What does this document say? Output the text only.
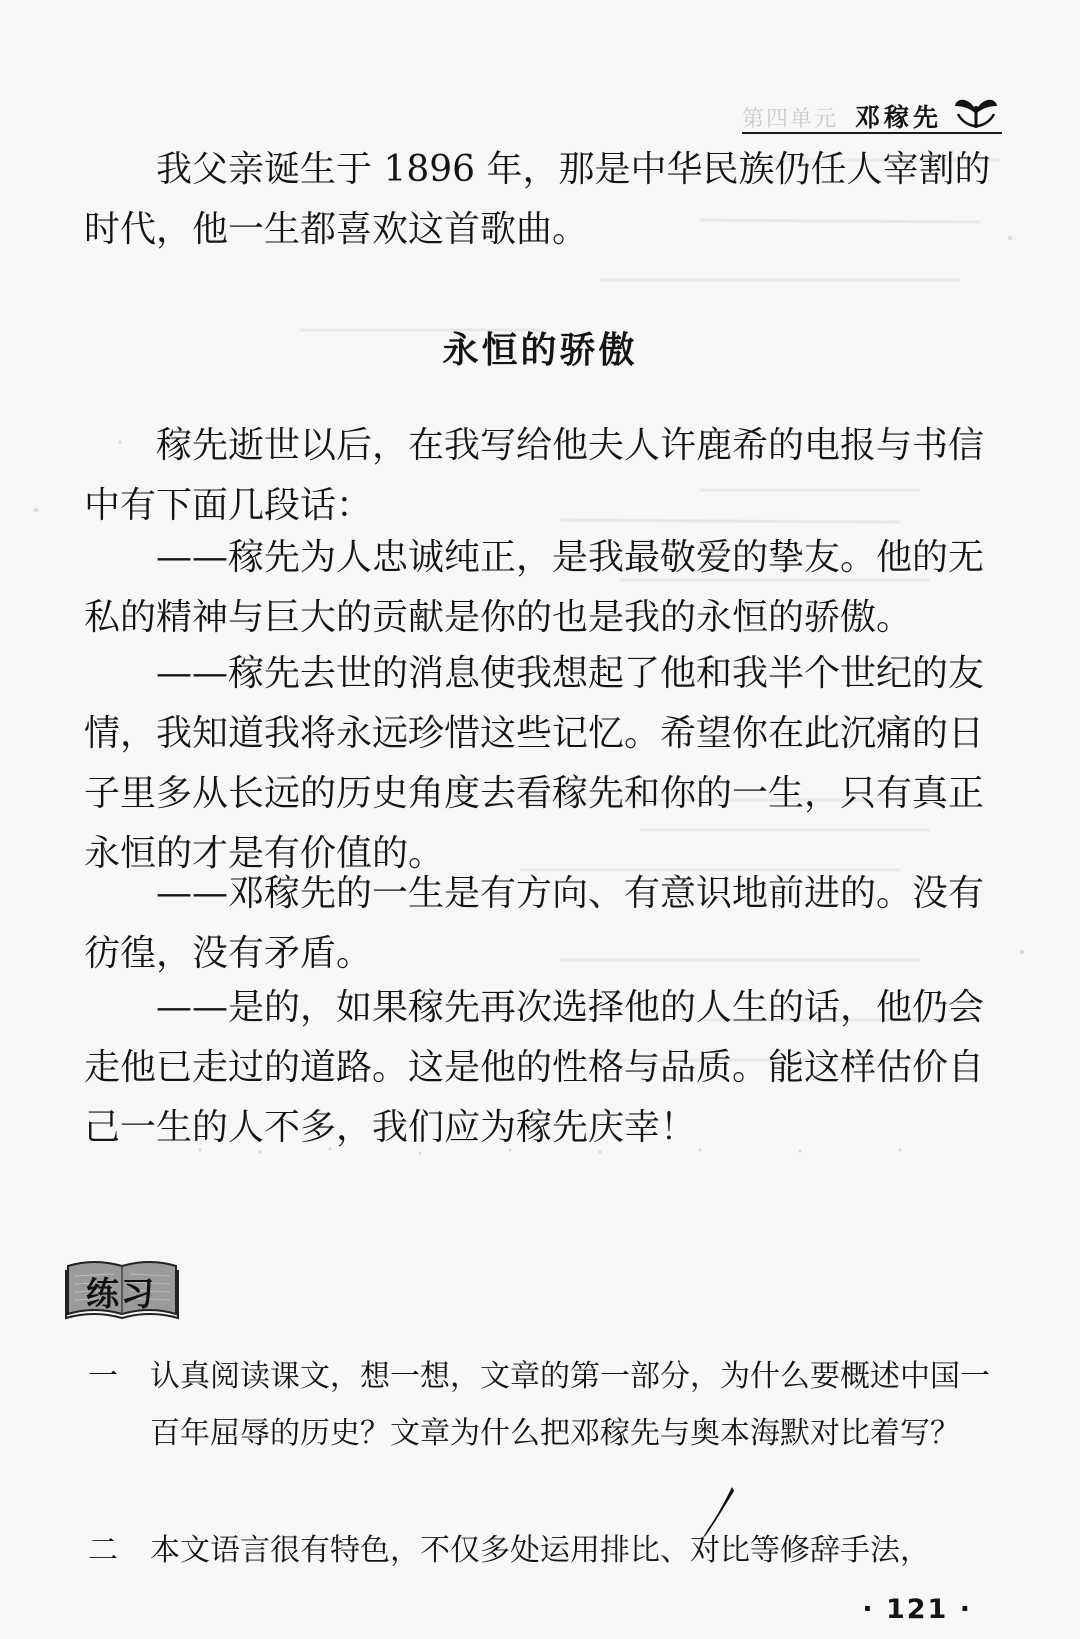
第四单元 邓稼先

我父亲诞生于 1896 年，那是中华民族仍任人宰割的时代，他一生都喜欢这首歌曲。

永恒的骄傲

稼先逝世以后，在我写给他夫人许鹿希的电报与书信中有下面几段话：

——稼先为人忠诚纯正，是我最敬爱的挚友。他的无私的精神与巨大的贡献是你的也是我的永恒的骄傲。

——稼先去世的消息使我想起了他和我半个世纪的友情，我知道我将永远珍惜这些记忆。希望你在此沉痛的日子里多从长远的历史角度去看稼先和你的一生，只有真正永恒的才是有价值的。

——邓稼先的一生是有方向、有意识地前进的。没有彷徨，没有矛盾。

——是的，如果稼先再次选择他的人生的话，他仍会走他已走过的道路。这是他的性格与品质。能这样估价自己一生的人不多，我们应为稼先庆幸！

练习
一	认真阅读课文，想一想，文章的第一部分，为什么要概述中国一百年屈辱的历史？文章为什么把邓稼先与奥本海默对比着写？
二	本文语言很有特色，不仅多处运用排比、对比等修辞手法，
· 121 ·
